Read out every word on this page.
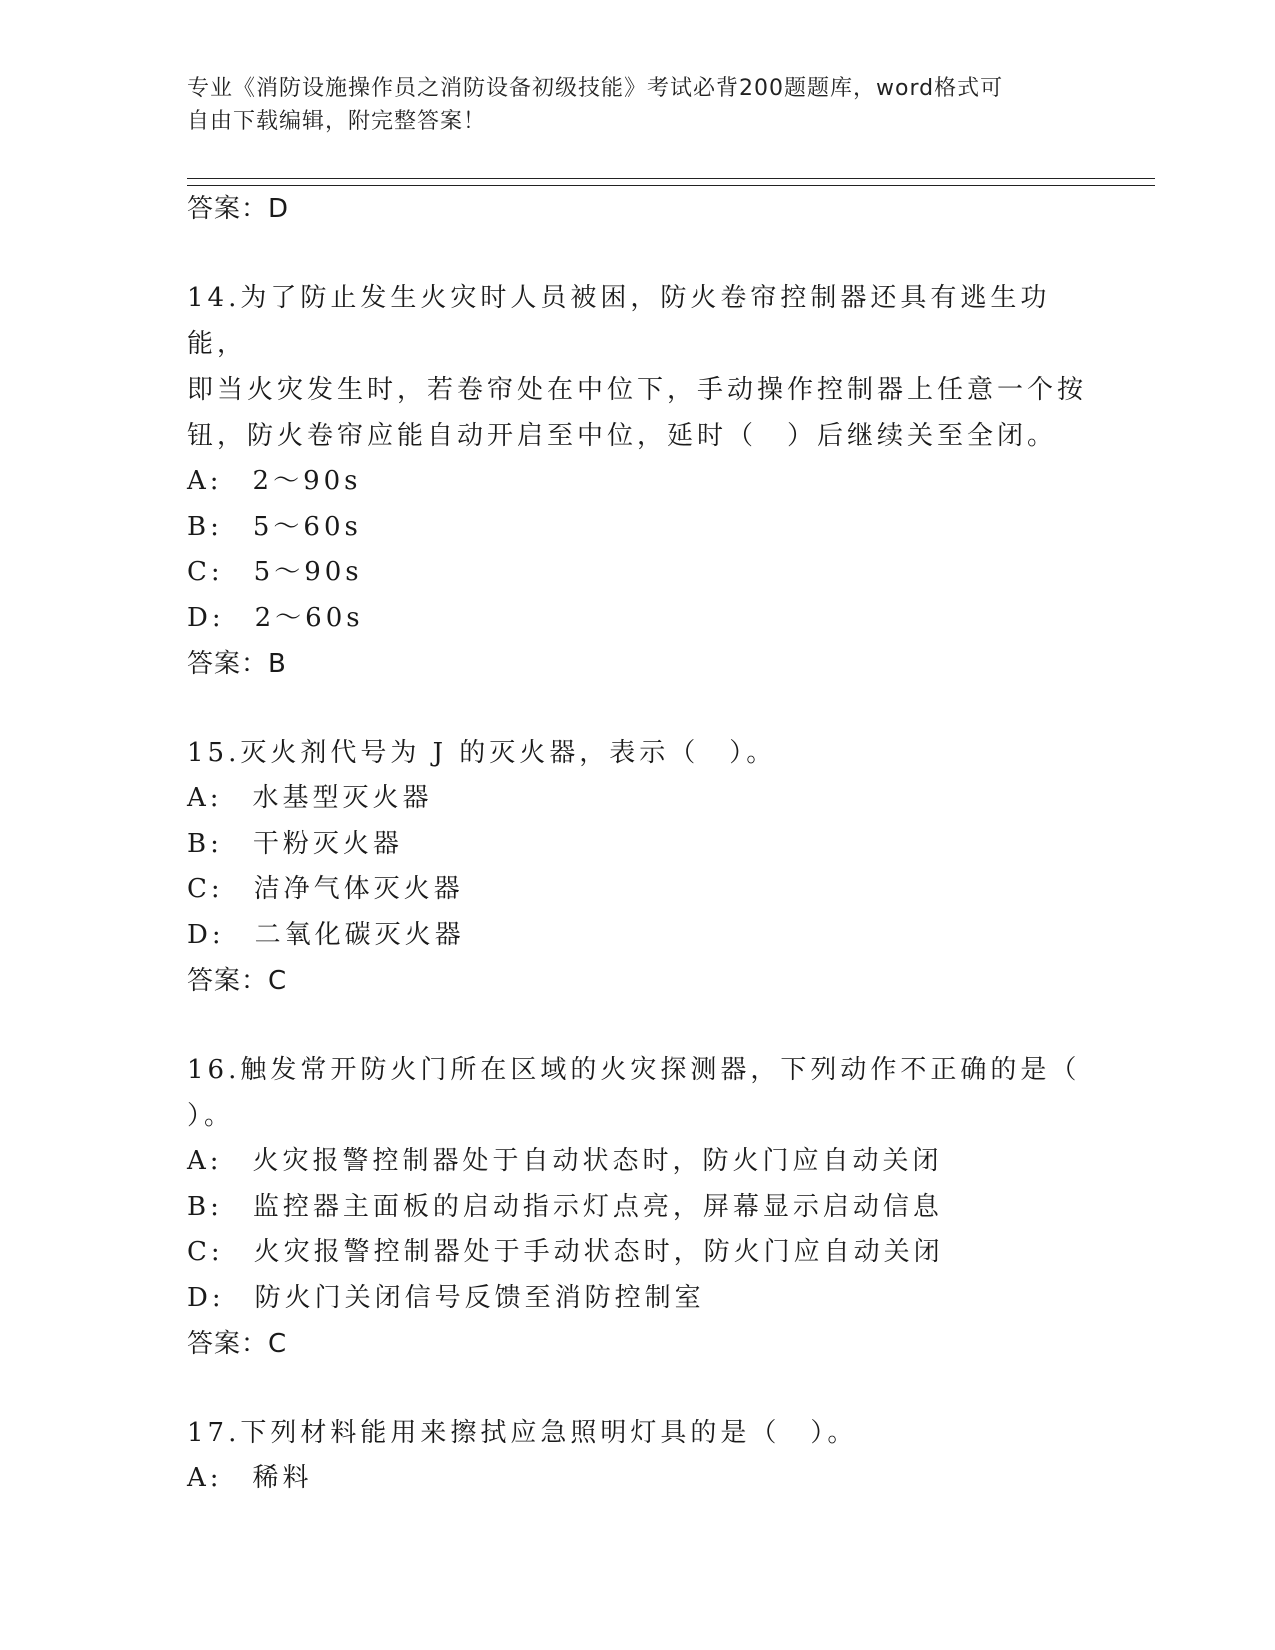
专业《消防设施操作员之消防设备初级技能》考试必背200题题库，word格式可
自由下载编辑，附完整答案！
答案：D
14.为了防止发生火灾时人员被困，防火卷帘控制器还具有逃生功能，
即当火灾发生时，若卷帘处在中位下，手动操作控制器上任意一个按
钮，防火卷帘应能自动开启至中位，延时（　）后继续关至全闭。
A:　2～90s
B:　5～60s
C:　5～90s
D:　2～60s
答案：B
15.灭火剂代号为 J 的灭火器，表示（　）。
A:　水基型灭火器
B:　干粉灭火器
C:　洁净气体灭火器
D:　二氧化碳灭火器
答案：C
16.触发常开防火门所在区域的火灾探测器，下列动作不正确的是（
）。
A:　火灾报警控制器处于自动状态时，防火门应自动关闭
B:　监控器主面板的启动指示灯点亮，屏幕显示启动信息
C:　火灾报警控制器处于手动状态时，防火门应自动关闭
D:　防火门关闭信号反馈至消防控制室
答案：C
17.下列材料能用来擦拭应急照明灯具的是（　）。
A:　稀料
